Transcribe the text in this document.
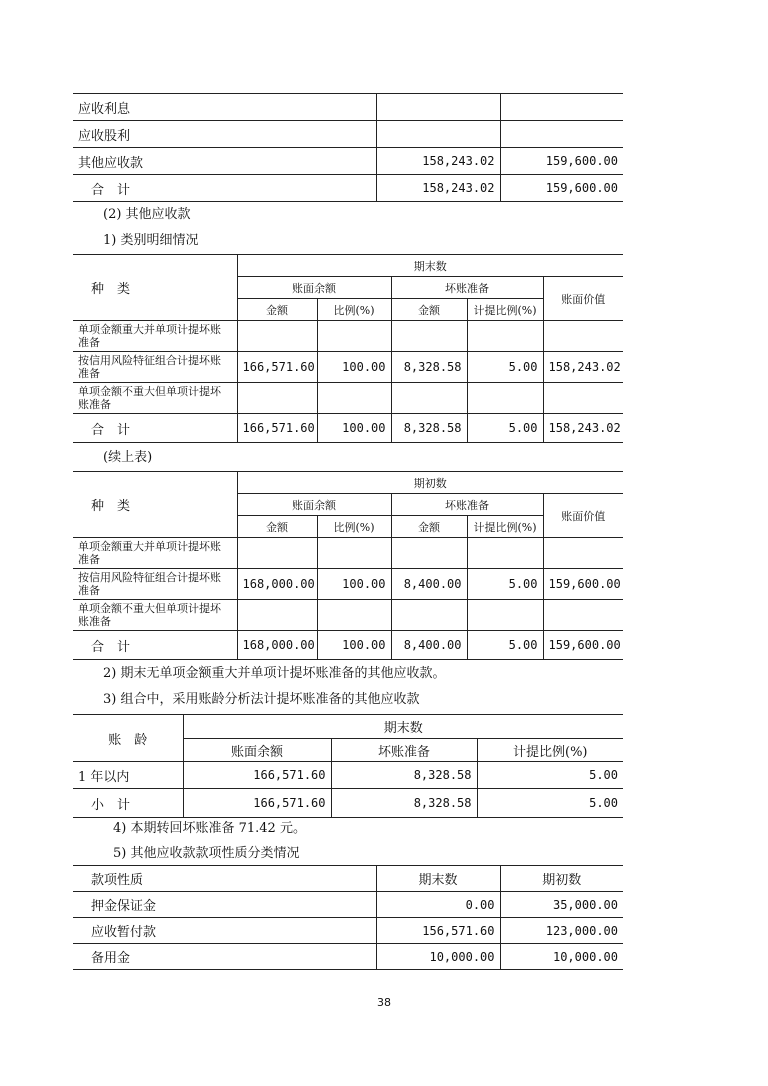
应收利息		
应收股利		
其他应收款	158,243.02	159,600.00
合　计	158,243.02	159,600.00
(2) 其他应收款
1) 类别明细情况
种　类	期末数				
	账面余额		坏账准备		账面价值
	金额	比例(%)	金额	计提比例(%)	
单项金额重大并单项计提坏账准备					
按信用风险特征组合计提坏账准备	166,571.60	100.00	8,328.58	5.00	158,243.02
单项金额不重大但单项计提坏账准备					
合　计	166,571.60	100.00	8,328.58	5.00	158,243.02
(续上表)
种　类	期初数				
	账面余额		坏账准备		账面价值
	金额	比例(%)	金额	计提比例(%)	
单项金额重大并单项计提坏账准备					
按信用风险特征组合计提坏账准备	168,000.00	100.00	8,400.00	5.00	159,600.00
单项金额不重大但单项计提坏账准备					
合　计	168,000.00	100.00	8,400.00	5.00	159,600.00
2) 期末无单项金额重大并单项计提坏账准备的其他应收款。
3) 组合中，采用账龄分析法计提坏账准备的其他应收款
账　龄	期末数		
	账面余额	坏账准备	计提比例(%)
1 年以内	166,571.60	8,328.58	5.00
小　计	166,571.60	8,328.58	5.00
4) 本期转回坏账准备 71.42 元。
5) 其他应收款款项性质分类情况
款项性质	期末数	期初数
押金保证金	0.00	35,000.00
应收暂付款	156,571.60	123,000.00
备用金	10,000.00	10,000.00
38
